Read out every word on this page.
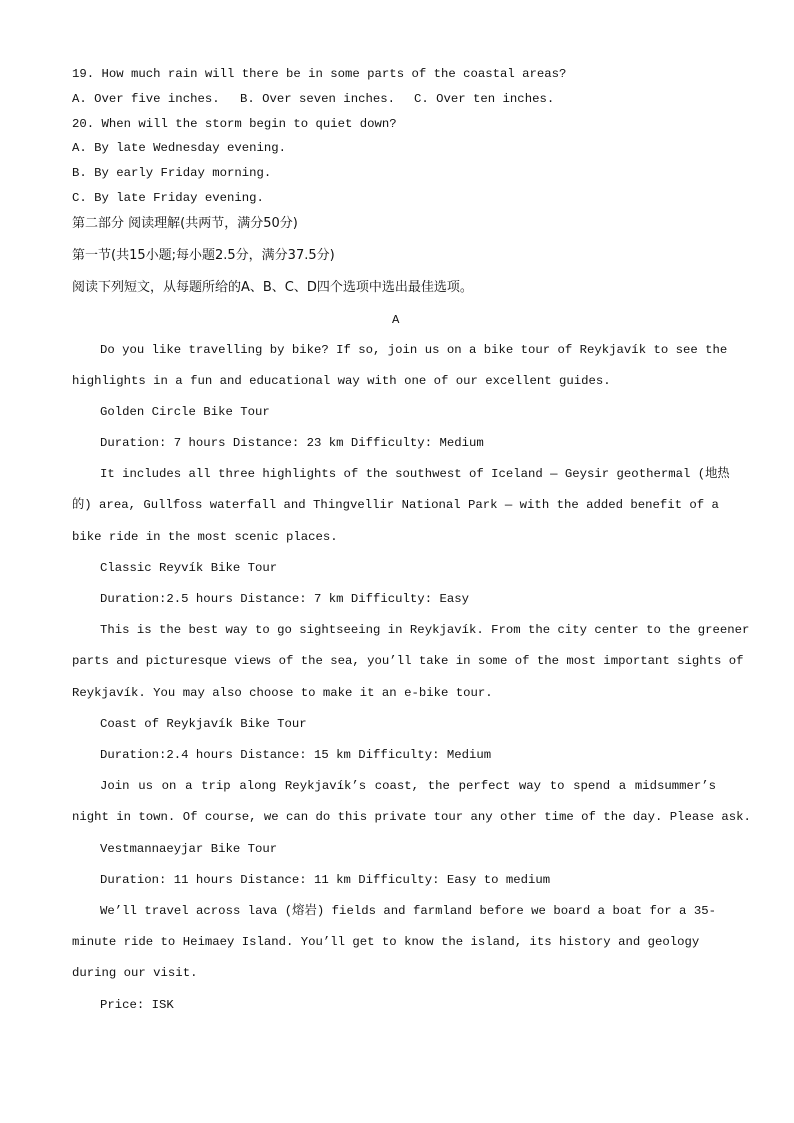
19. How much rain will there be in some parts of the coastal areas?
A. Over five inches. B. Over seven inches. C. Over ten inches.
20. When will the storm begin to quiet down?
A. By late Wednesday evening.
B. By early Friday morning.
C. By late Friday evening.
第二部分 阅读理解(共两节，满分50分)
第一节(共15小题;每小题2.5分，满分37.5分)
阅读下列短文，从每题所给的A、B、C、D四个选项中选出最佳选项。
A
Do you like travelling by bike? If so, join us on a bike tour of Reykjavík to see the
highlights in a fun and educational way with one of our excellent guides.
Golden Circle Bike Tour
Duration: 7 hours Distance: 23 km Difficulty: Medium
It includes all three highlights of the southwest of Iceland — Geysir geothermal (地热
的) area, Gullfoss waterfall and Thingvellir National Park — with the added benefit of a
bike ride in the most scenic places.
Classic Reyvík Bike Tour
Duration:2.5 hours Distance: 7 km Difficulty: Easy
This is the best way to go sightseeing in Reykjavík. From the city center to the greener
parts and picturesque views of the sea, you’ll take in some of the most important sights of
Reykjavík. You may also choose to make it an e-bike tour.
Coast of Reykjavík Bike Tour
Duration:2.4 hours Distance: 15 km Difficulty: Medium
Join us on a trip along Reykjavík’s coast, the perfect way to spend a midsummer’s
night in town. Of course, we can do this private tour any other time of the day. Please ask.
Vestmannaeyjar Bike Tour
Duration: 11 hours Distance: 11 km Difficulty: Easy to medium
We’ll travel across lava (熔岩) fields and farmland before we board a boat for a 35-
minute ride to Heimaey Island. You’ll get to know the island, its history and geology
during our visit.
Price: ISK
